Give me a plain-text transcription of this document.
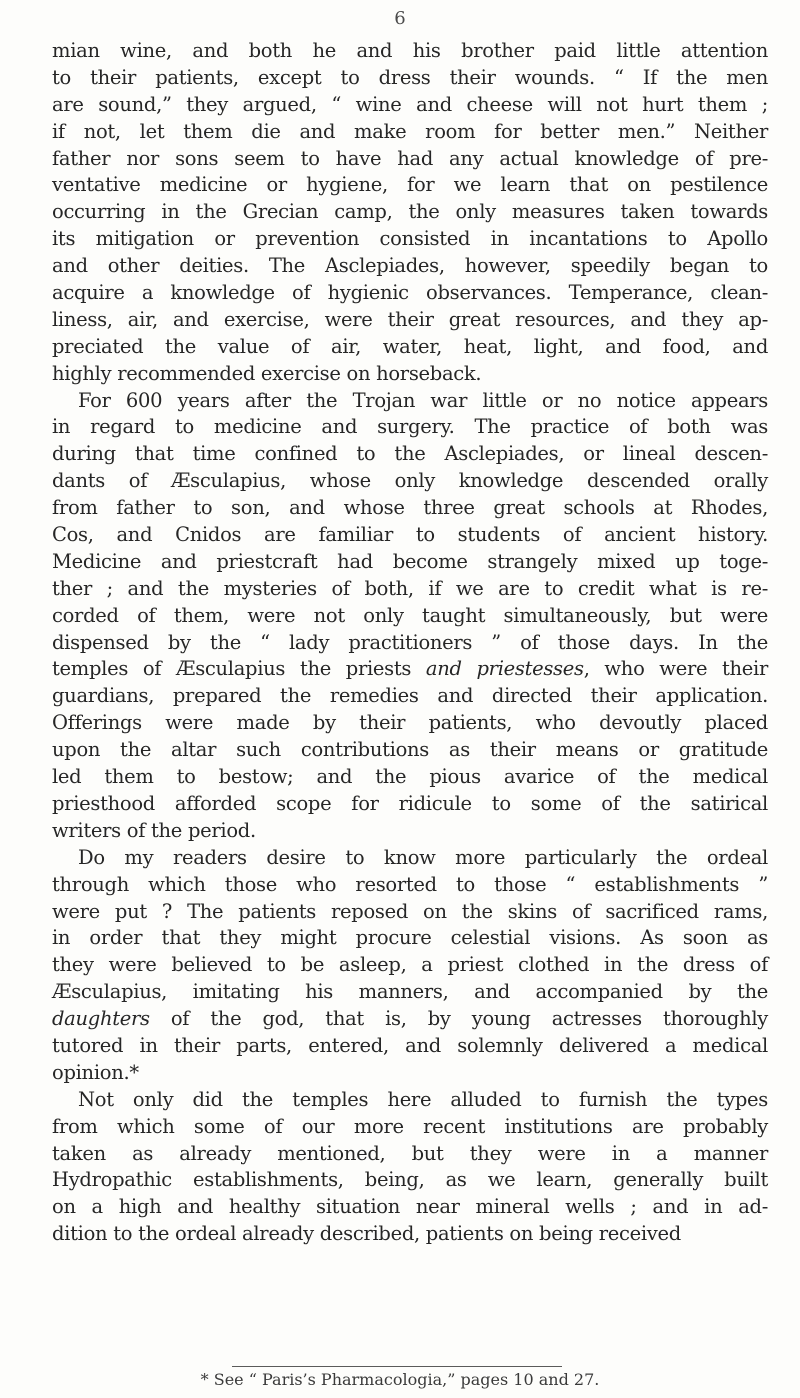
6
mian wine, and both he and his brother paid little attention
to their patients, except to dress their wounds. “ If the men
are sound,” they argued, “ wine and cheese will not hurt them ;
if not, let them die and make room for better men.” Neither
father nor sons seem to have had any actual knowledge of pre-
ventative medicine or hygiene, for we learn that on pestilence
occurring in the Grecian camp, the only measures taken towards
its mitigation or prevention consisted in incantations to Apollo
and other deities. The Asclepiades, however, speedily began to
acquire a knowledge of hygienic observances. Temperance, clean-
liness, air, and exercise, were their great resources, and they ap-
preciated the value of air, water, heat, light, and food, and
highly recommended exercise on horseback.
For 600 years after the Trojan war little or no notice appears
in regard to medicine and surgery. The practice of both was
during that time confined to the Asclepiades, or lineal descen-
dants of Æsculapius, whose only knowledge descended orally
from father to son, and whose three great schools at Rhodes,
Cos, and Cnidos are familiar to students of ancient history.
Medicine and priestcraft had become strangely mixed up toge-
ther ; and the mysteries of both, if we are to credit what is re-
corded of them, were not only taught simultaneously, but were
dispensed by the “ lady practitioners ” of those days. In the
temples of Æsculapius the priests and priestesses, who were their
guardians, prepared the remedies and directed their application.
Offerings were made by their patients, who devoutly placed
upon the altar such contributions as their means or gratitude
led them to bestow; and the pious avarice of the medical
priesthood afforded scope for ridicule to some of the satirical
writers of the period.
Do my readers desire to know more particularly the ordeal
through which those who resorted to those “ establishments ”
were put ? The patients reposed on the skins of sacrificed rams,
in order that they might procure celestial visions. As soon as
they were believed to be asleep, a priest clothed in the dress of
Æsculapius, imitating his manners, and accompanied by the
daughters of the god, that is, by young actresses thoroughly
tutored in their parts, entered, and solemnly delivered a medical
opinion.*
Not only did the temples here alluded to furnish the types
from which some of our more recent institutions are probably
taken as already mentioned, but they were in a manner
Hydropathic establishments, being, as we learn, generally built
on a high and healthy situation near mineral wells ; and in ad-
dition to the ordeal already described, patients on being received
* See “ Paris’s Pharmacologia,” pages 10 and 27.
